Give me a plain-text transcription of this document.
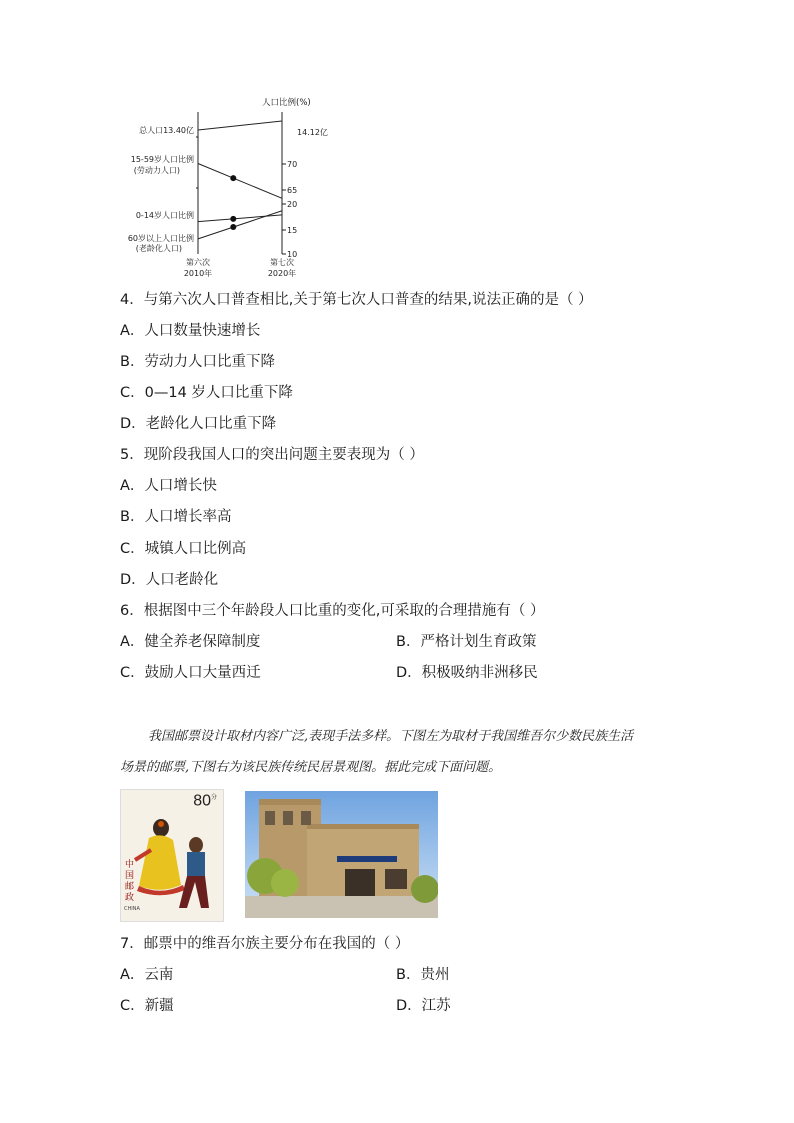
人口比例(%)
总人口13.40亿
15-59岁人口比例
(劳动力人口)
0-14岁人口比例
60岁以上人口比例
(老龄化人口)
14.12亿
70
65
20
15
10
第六次
2010年
第七次
2020年
4．与第六次人口普查相比,关于第七次人口普查的结果,说法正确的是（ ）
A．人口数量快速增长
B．劳动力人口比重下降
C．0—14 岁人口比重下降
D．老龄化人口比重下降
5．现阶段我国人口的突出问题主要表现为（ ）
A．人口增长快
B．人口增长率高
C．城镇人口比例高
D．人口老龄化
6．根据图中三个年龄段人口比重的变化,可采取的合理措施有（ ）
A．健全养老保障制度	B．严格计划生育政策
C．鼓励人口大量西迁	D．积极吸纳非洲移民
我国邮票设计取材内容广泛,表现手法多样。下图左为取材于我国维吾尔少数民族生活
场景的邮票,下图右为该民族传统民居景观图。据此完成下面问题。
$80^分$
中国邮政
CHINA
7．邮票中的维吾尔族主要分布在我国的（ ）
A．云南	B．贵州
C．新疆	D．江苏
